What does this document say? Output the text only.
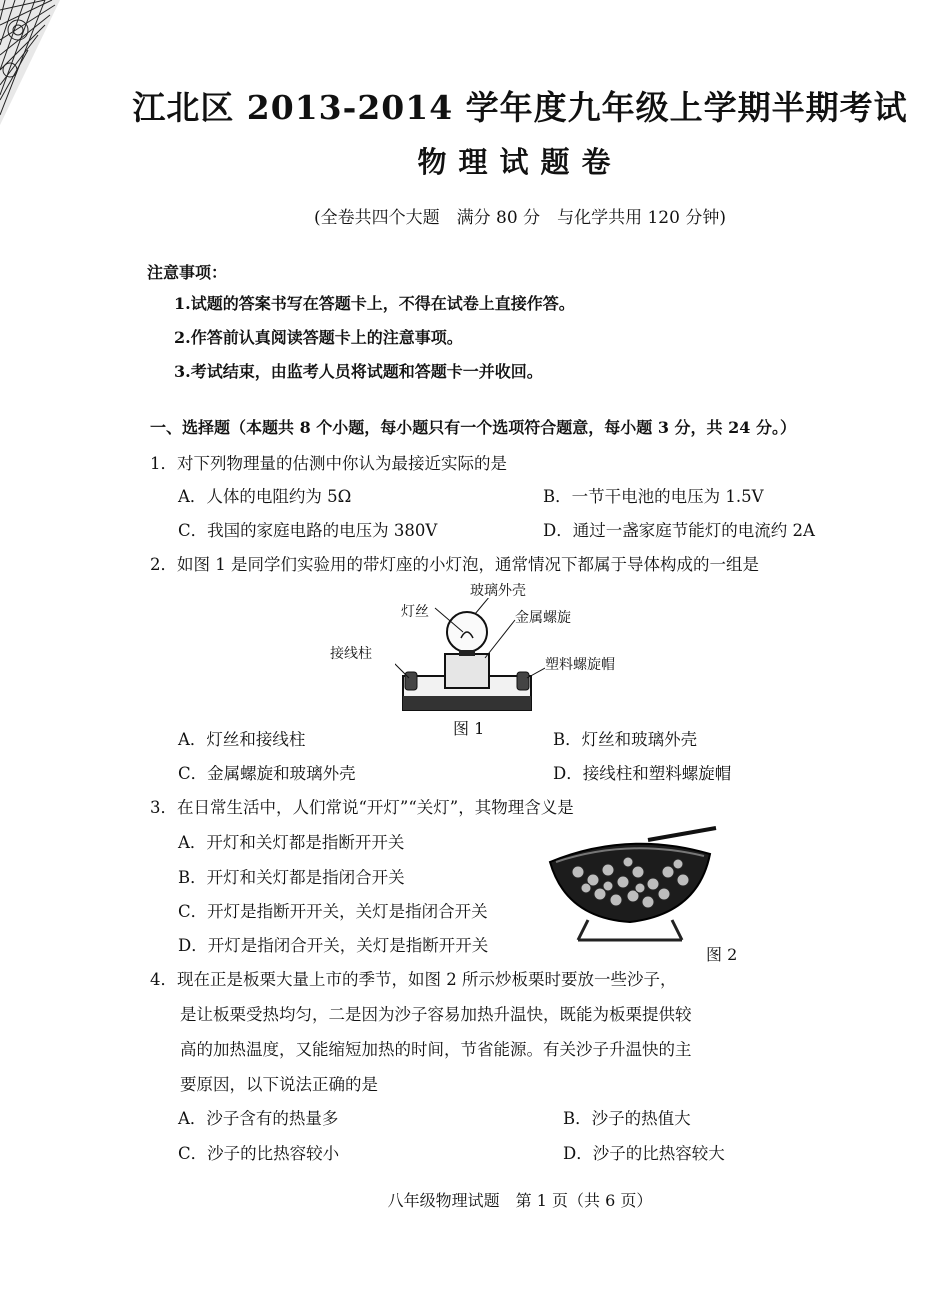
江北区 2013-2014 学年度九年级上学期半期考试
物理试题卷
(全卷共四个大题　满分 80 分　与化学共用 120 分钟)
注意事项：
1.试题的答案书写在答题卡上，不得在试卷上直接作答。
2.作答前认真阅读答题卡上的注意事项。
3.考试结束，由监考人员将试题和答题卡一并收回。
一、选择题（本题共 8 个小题，每小题只有一个选项符合题意，每小题 3 分，共 24 分。）
1．对下列物理量的估测中你认为最接近实际的是
A．人体的电阻约为 5Ω	B．一节干电池的电压为 1.5V
C．我国的家庭电路的电压为 380V	D．通过一盏家庭节能灯的电流约 2A
2．如图 1 是同学们实验用的带灯座的小灯泡，通常情况下都属于导体构成的一组是
玻璃外壳
灯丝	金属螺旋
接线柱
塑料螺旋帽
图 1
A．灯丝和接线柱	B．灯丝和玻璃外壳
C．金属螺旋和玻璃外壳	D．接线柱和塑料螺旋帽
3．在日常生活中，人们常说“开灯”“关灯”，其物理含义是
A．开灯和关灯都是指断开开关
B．开灯和关灯都是指闭合开关
C．开灯是指断开开关，关灯是指闭合开关
D．开灯是指闭合开关，关灯是指断开开关	图 2
4．现在正是板栗大量上市的季节，如图 2 所示炒板栗时要放一些沙子，
是让板栗受热均匀，二是因为沙子容易加热升温快，既能为板栗提供较
高的加热温度，又能缩短加热的时间，节省能源。有关沙子升温快的主
要原因，以下说法正确的是
A．沙子含有的热量多	B．沙子的热值大
C．沙子的比热容较小	D．沙子的比热容较大
八年级物理试题　第 1 页（共 6 页）
